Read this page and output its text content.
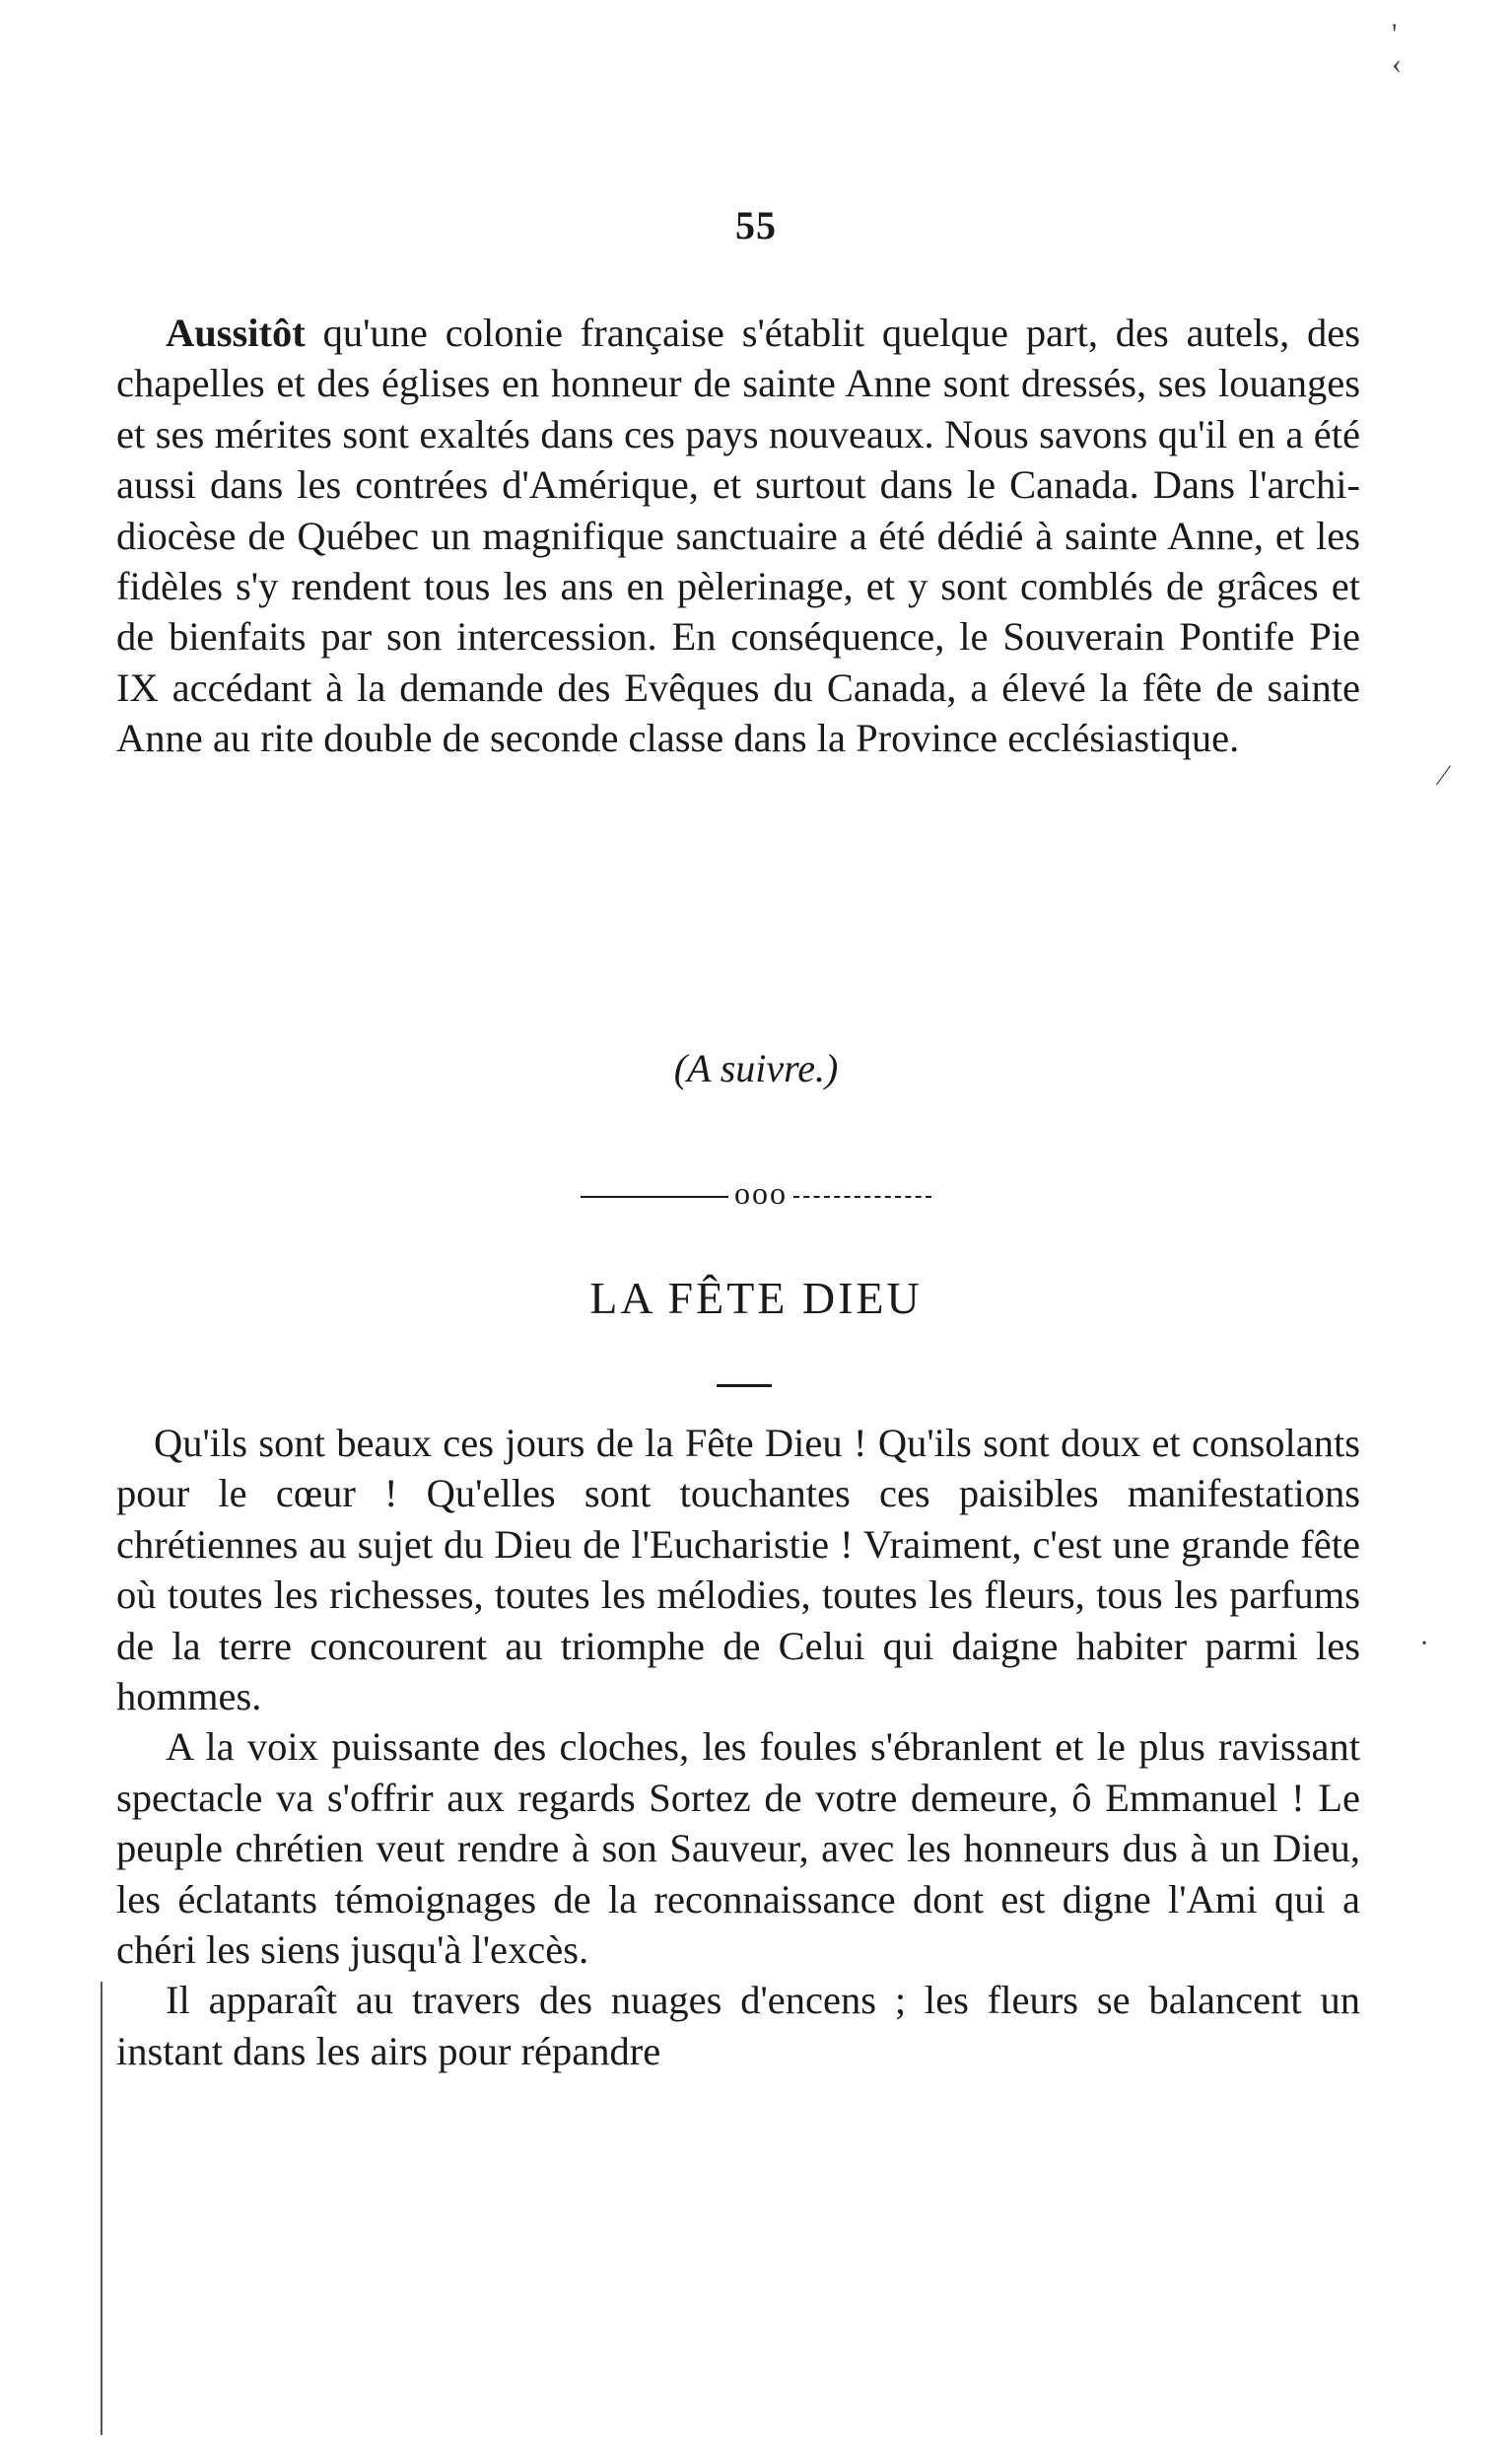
55

Aussitôt qu'une colonie française s'établit quelque part, des autels, des chapelles et des églises en honneur de sainte Anne sont dressés, ses louanges et ses mérites sont exaltés dans ces pays nouveaux. Nous savons qu'il en a été aussi dans les contrées d'Amérique, et surtout dans le Canada. Dans l'archi-diocèse de Québec un magnifique sanctuaire a été dédié à sainte Anne, et les fidèles s'y rendent tous les ans en pèlerinage, et y sont comblés de grâces et de bienfaits par son intercession. En conséquence, le Souverain Pontife Pie IX accédant à la demande des Evêques du Canada, a élevé la fête de sainte Anne au rite double de seconde classe dans la Province ecclésiastique.

(A suivre.)
ooo
LA FÊTE DIEU

Qu'ils sont beaux ces jours de la Fête Dieu ! Qu'ils sont doux et consolants pour le cœur ! Qu'elles sont touchantes ces paisibles manifestations chrétiennes au sujet du Dieu de l'Eucharistie ! Vraiment, c'est une grande fête où toutes les richesses, toutes les mélodies, toutes les fleurs, tous les parfums de la terre concourent au triomphe de Celui qui daigne habiter parmi les hommes.

A la voix puissante des cloches, les foules s'ébranlent et le plus ravissant spectacle va s'offrir aux regards Sortez de votre demeure, ô Emmanuel ! Le peuple chrétien veut rendre à son Sauveur, avec les honneurs dus à un Dieu, les éclatants témoignages de la reconnaissance dont est digne l'Ami qui a chéri les siens jusqu'à l'excès.

Il apparaît au travers des nuages d'encens ; les fleurs se balancent un instant dans les airs pour répandre

'
‹
⁄
·
